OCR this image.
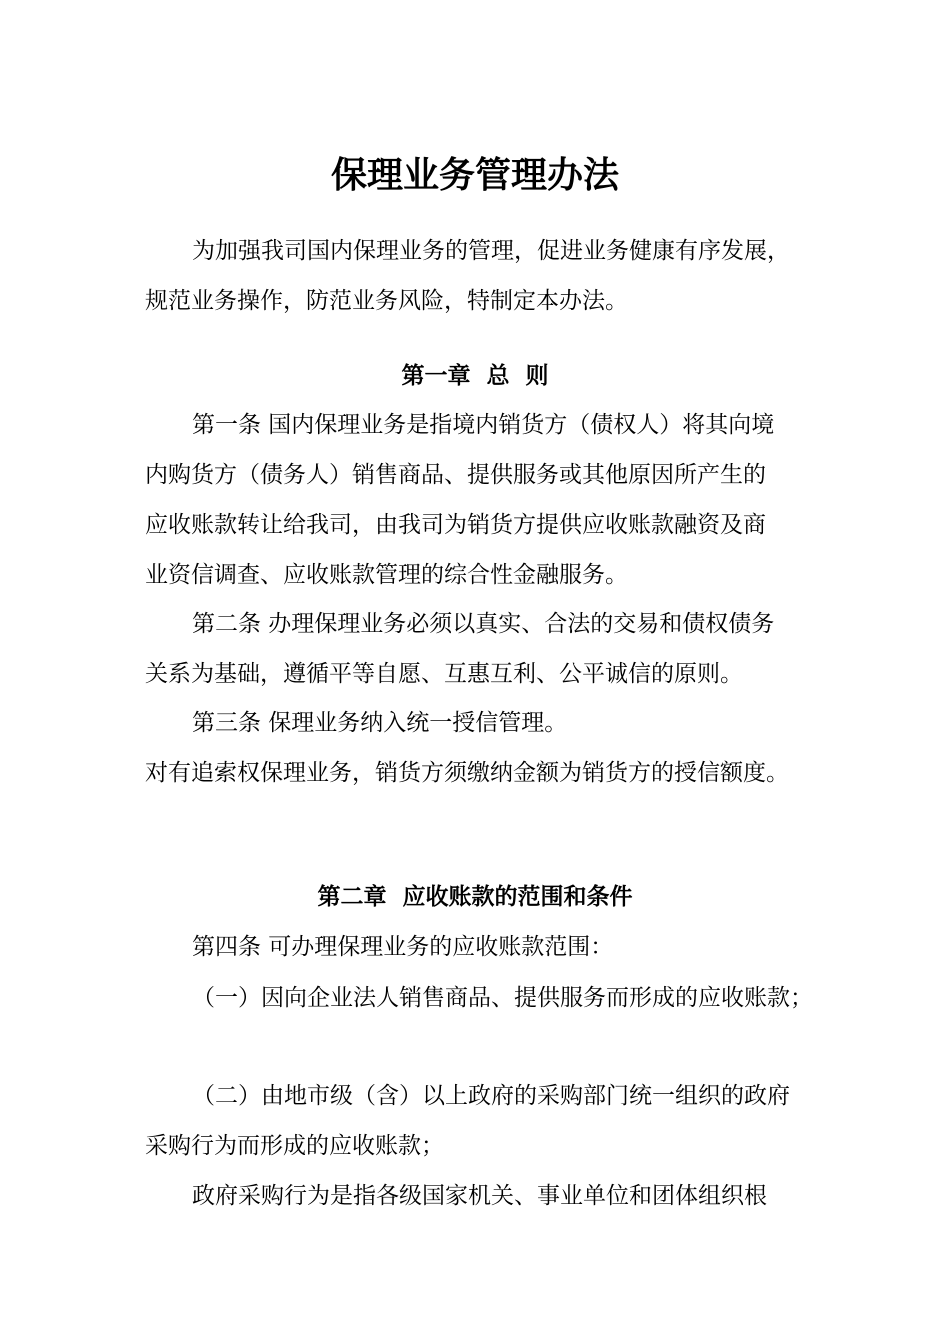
保理业务管理办法
为加强我司国内保理业务的管理，促进业务健康有序发展，
规范业务操作，防范业务风险，特制定本办法。
第一章  总  则
第一条 国内保理业务是指境内销货方（债权人）将其向境
内购货方（债务人）销售商品、提供服务或其他原因所产生的
应收账款转让给我司，由我司为销货方提供应收账款融资及商
业资信调查、应收账款管理的综合性金融服务。
第二条 办理保理业务必须以真实、合法的交易和债权债务
关系为基础，遵循平等自愿、互惠互利、公平诚信的原则。
第三条 保理业务纳入统一授信管理。
对有追索权保理业务，销货方须缴纳金额为销货方的授信额度。
第二章  应收账款的范围和条件
第四条 可办理保理业务的应收账款范围：
（一）因向企业法人销售商品、提供服务而形成的应收账款；
（二）由地市级（含）以上政府的采购部门统一组织的政府
采购行为而形成的应收账款；
政府采购行为是指各级国家机关、事业单位和团体组织根
